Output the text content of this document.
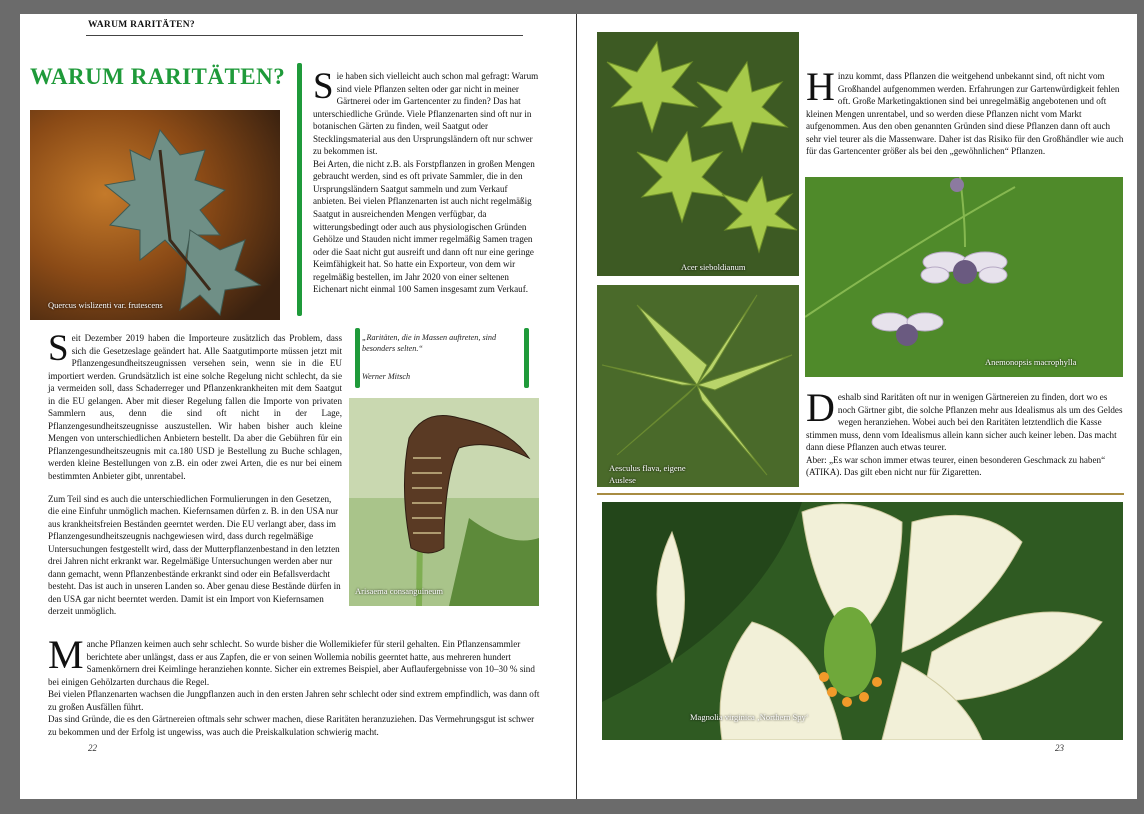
WARUM RARITÄTEN?
WARUM RARITÄTEN?
Quercus wislizenti var. frutescens
S ie haben sich vielleicht auch schon mal gefragt: Warum sind viele Pflanzen selten oder gar nicht in meiner Gärtnerei oder im Gartencenter zu finden? Das hat unterschiedliche Gründe. Viele Pflanzenarten sind oft nur in botanischen Gärten zu finden, weil Saatgut oder Stecklingsmaterial aus den Ursprungsländern oft nur schwer zu bekommen ist.

Bei Arten, die nicht z.B. als Forstpflanzen in großen Mengen gebraucht werden, sind es oft private Sammler, die in den Ursprungsländern Saatgut sammeln und zum Verkauf anbieten. Bei vielen Pflanzenarten ist auch nicht regelmäßig Saatgut in ausreichenden Mengen verfügbar, da witterungsbedingt oder auch aus physiologischen Gründen Gehölze und Stauden nicht immer regelmäßig Samen tragen oder die Saat nicht gut ausreift und dann oft nur eine geringe Keimfähigkeit hat. So hatte ein Exporteur, von dem wir regelmäßig bestellen, im Jahr 2020 von einer seltenen Eichenart nicht einmal 100 Samen insgesamt zum Verkauf.

S eit Dezember 2019 haben die Importeure zusätzlich das Problem, dass sich die Gesetzeslage geändert hat. Alle Saatgutimporte müssen jetzt mit Pflanzengesundheitszeugnissen versehen sein, wenn sie in die EU importiert werden. Grundsätzlich ist eine solche Regelung nicht schlecht, da sie ja vermeiden soll, dass Schaderreger und Pflanzenkrankheiten mit dem Saatgut in die EU gelangen. Aber mit dieser Regelung fallen die Importe von privaten Sammlern aus, denn die sind oft nicht in der Lage, Pflanzengesundheitszeugnisse auszustellen. Wir haben bisher auch kleine Mengen von unterschiedlichen Anbietern bestellt. Da aber die Gebühren für ein Pflanzengesundheitszeugnis mit ca.180 USD je Bestellung zu Buche schlagen, werden kleine Bestellungen von z.B. ein oder zwei Arten, die es nur bei einem bestimmten Anbieter gibt, unrentabel.

Zum Teil sind es auch die unterschiedlichen Formulierungen in den Gesetzen, die eine Einfuhr unmöglich machen. Kiefernsamen dürfen z. B. in den USA nur aus krankheitsfreien Beständen geerntet werden. Die EU verlangt aber, dass im Pflanzengesundheitszeugnis nachgewiesen wird, dass durch regelmäßige Untersuchungen festgestellt wird, dass der Mutterpflanzenbestand in den letzten drei Jahren nicht erkrankt war. Regelmäßige Untersuchungen werden aber nur dann gemacht, wenn Pflanzenbestände erkrankt sind oder ein Befallsverdacht besteht. Das ist auch in unseren Landen so. Aber genau diese Bestände dürfen in den USA gar nicht beerntet werden. Damit ist ein Import von Kiefernsamen derzeit unmöglich.

„Raritäten, die in Massen auftreten, sind besonders selten.“
Werner Mitsch
Arisaema consanguineum
M anche Pflanzen keimen auch sehr schlecht. So wurde bisher die Wollemikiefer für steril gehalten. Ein Pflanzensammler berichtete aber unlängst, dass er aus Zapfen, die er von seinen Wollemia nobilis geerntet hatte, aus mehreren hundert Samenkörnern drei Keimlinge heranziehen konnte. Sicher ein extremes Beispiel, aber Auflaufergebnisse von 10–30 % sind bei einigen Gehölzarten durchaus die Regel.

Bei vielen Pflanzenarten wachsen die Jungpflanzen auch in den ersten Jahren sehr schlecht oder sind extrem empfindlich, was dann oft zu großen Ausfällen führt.

Das sind Gründe, die es den Gärtnereien oftmals sehr schwer machen, diese Raritäten heranzuziehen. Das Vermehrungsgut ist schwer zu bekommen und der Erfolg ist ungewiss, was auch die Preiskalkulation schwierig macht.

22
Acer sieboldianum
Aesculus flava, eigene
Auslese
H inzu kommt, dass Pflanzen die weitgehend unbekannt sind, oft nicht vom Großhandel aufgenommen werden. Erfahrungen zur Gartenwürdigkeit fehlen oft. Große Marketingaktionen sind bei unregelmäßig angebotenen und oft kleinen Mengen unrentabel, und so werden diese Pflanzen nicht vom Markt aufgenommen. Aus den oben genannten Gründen sind diese Pflanzen dann oft auch sehr viel teurer als die Massenware. Daher ist das Risiko für den Großhändler wie auch für das Gartencenter größer als bei den „gewöhnlichen“ Pflanzen.

Anemonopsis macrophylla
D eshalb sind Raritäten oft nur in wenigen Gärtnereien zu finden, dort wo es noch Gärtner gibt, die solche Pflanzen mehr aus Idealismus als um des Geldes wegen heranziehen. Wobei auch bei den Raritäten letztendlich die Kasse stimmen muss, denn vom Idealismus allein kann sicher auch keiner leben. Das macht dann diese Pflanzen auch etwas teurer.

Aber: „Es war schon immer etwas teurer, einen besonderen Geschmack zu haben“ (ATIKA). Das gilt eben nicht nur für Zigaretten.

Magnolia virginica ‚Northern Spy‘
23
